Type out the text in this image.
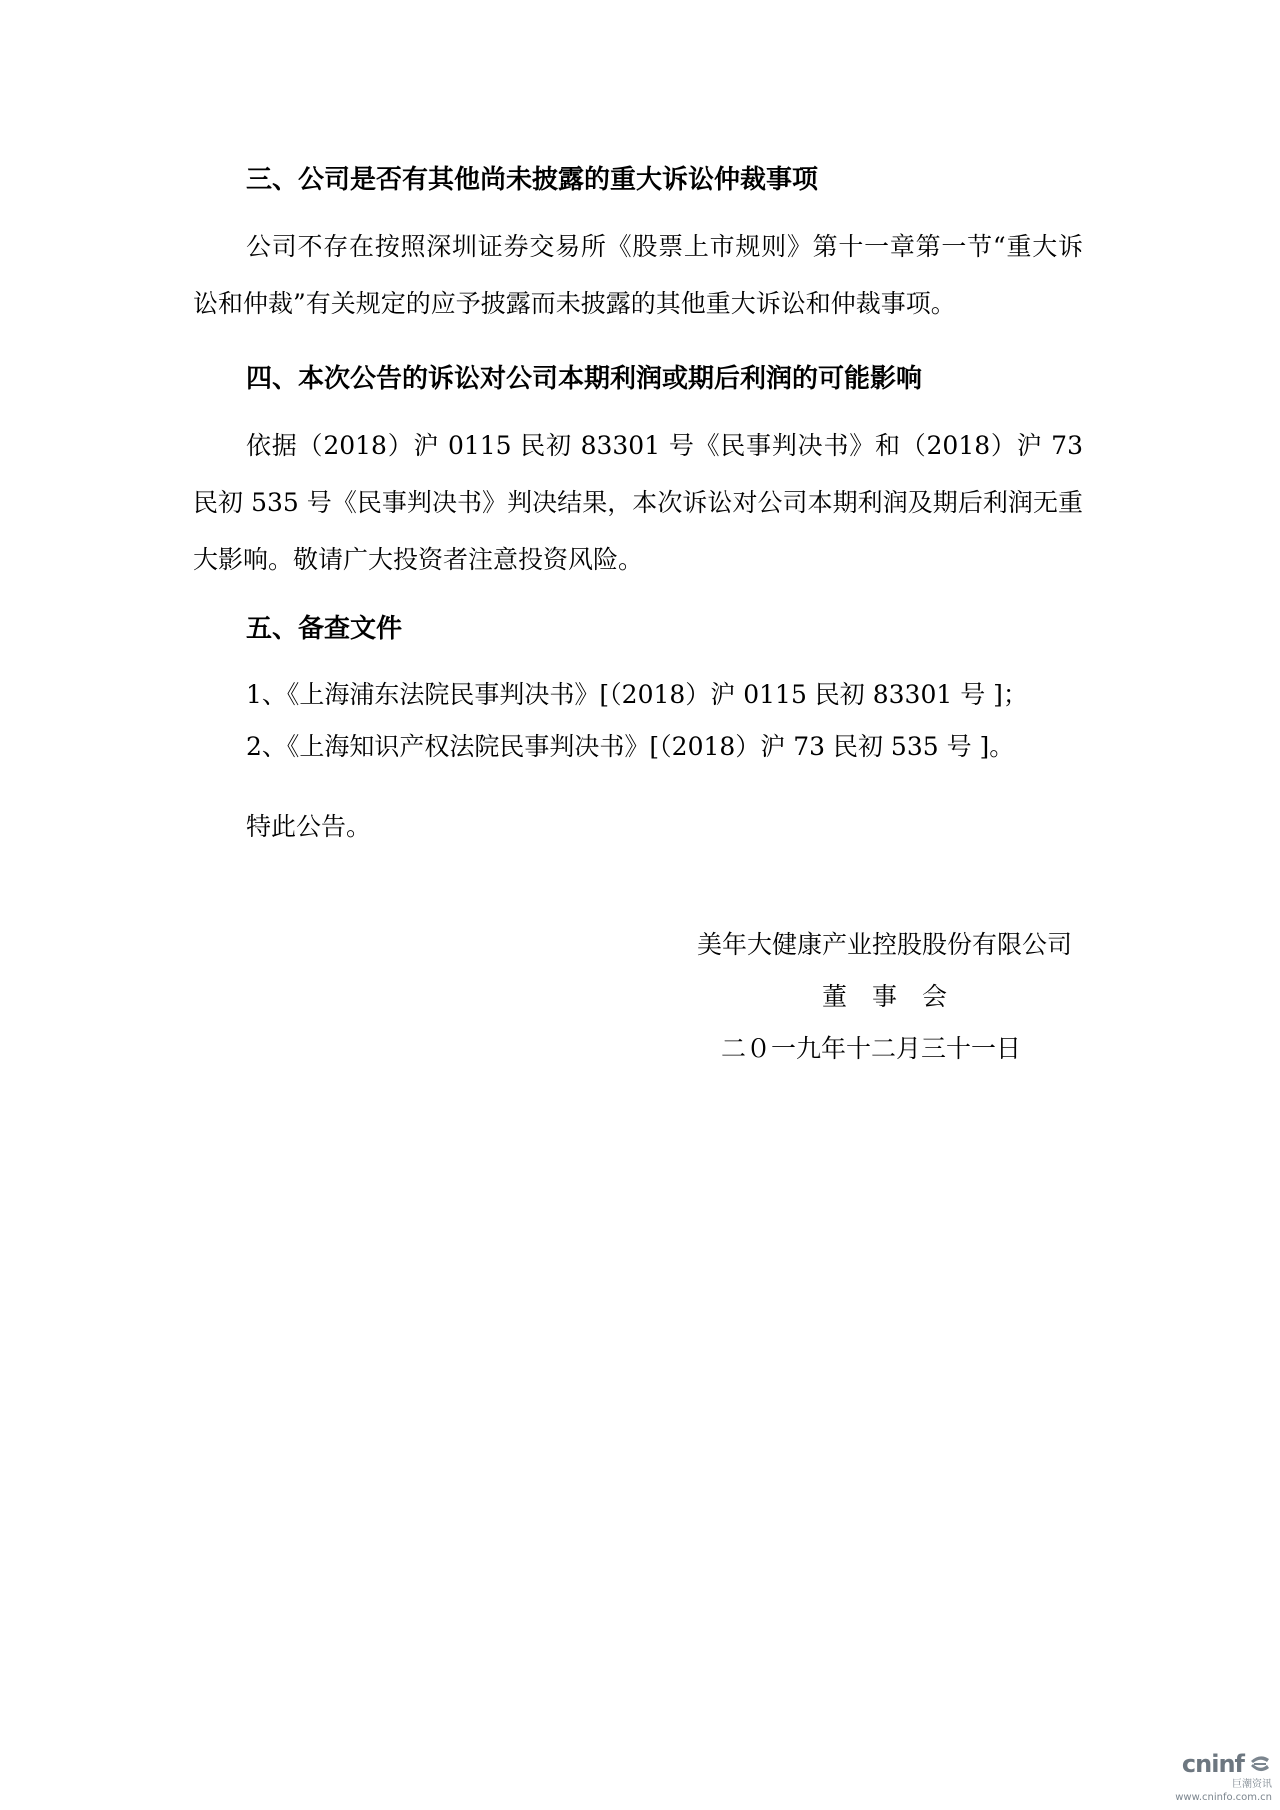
三、公司是否有其他尚未披露的重大诉讼仲裁事项

公司不存在按照深圳证券交易所《股票上市规则》第十一章第一节“重大诉讼和仲裁”有关规定的应予披露而未披露的其他重大诉讼和仲裁事项。

四、本次公告的诉讼对公司本期利润或期后利润的可能影响

依据（2018）沪 0115 民初 83301 号《民事判决书》和（2018）沪 73 民初 535 号《民事判决书》判决结果，本次诉讼对公司本期利润及期后利润无重大影响。敬请广大投资者注意投资风险。

五、备查文件
1、《上海浦东法院民事判决书》[（2018）沪 0115 民初 83301 号 ]；
2、《上海知识产权法院民事判决书》[（2018）沪 73 民初 535 号 ]。
特此公告。
美年大健康产业控股股份有限公司
董　事　会
二０一九年十二月三十一日
cninf
巨潮资讯
www.cninfo.com.cn
